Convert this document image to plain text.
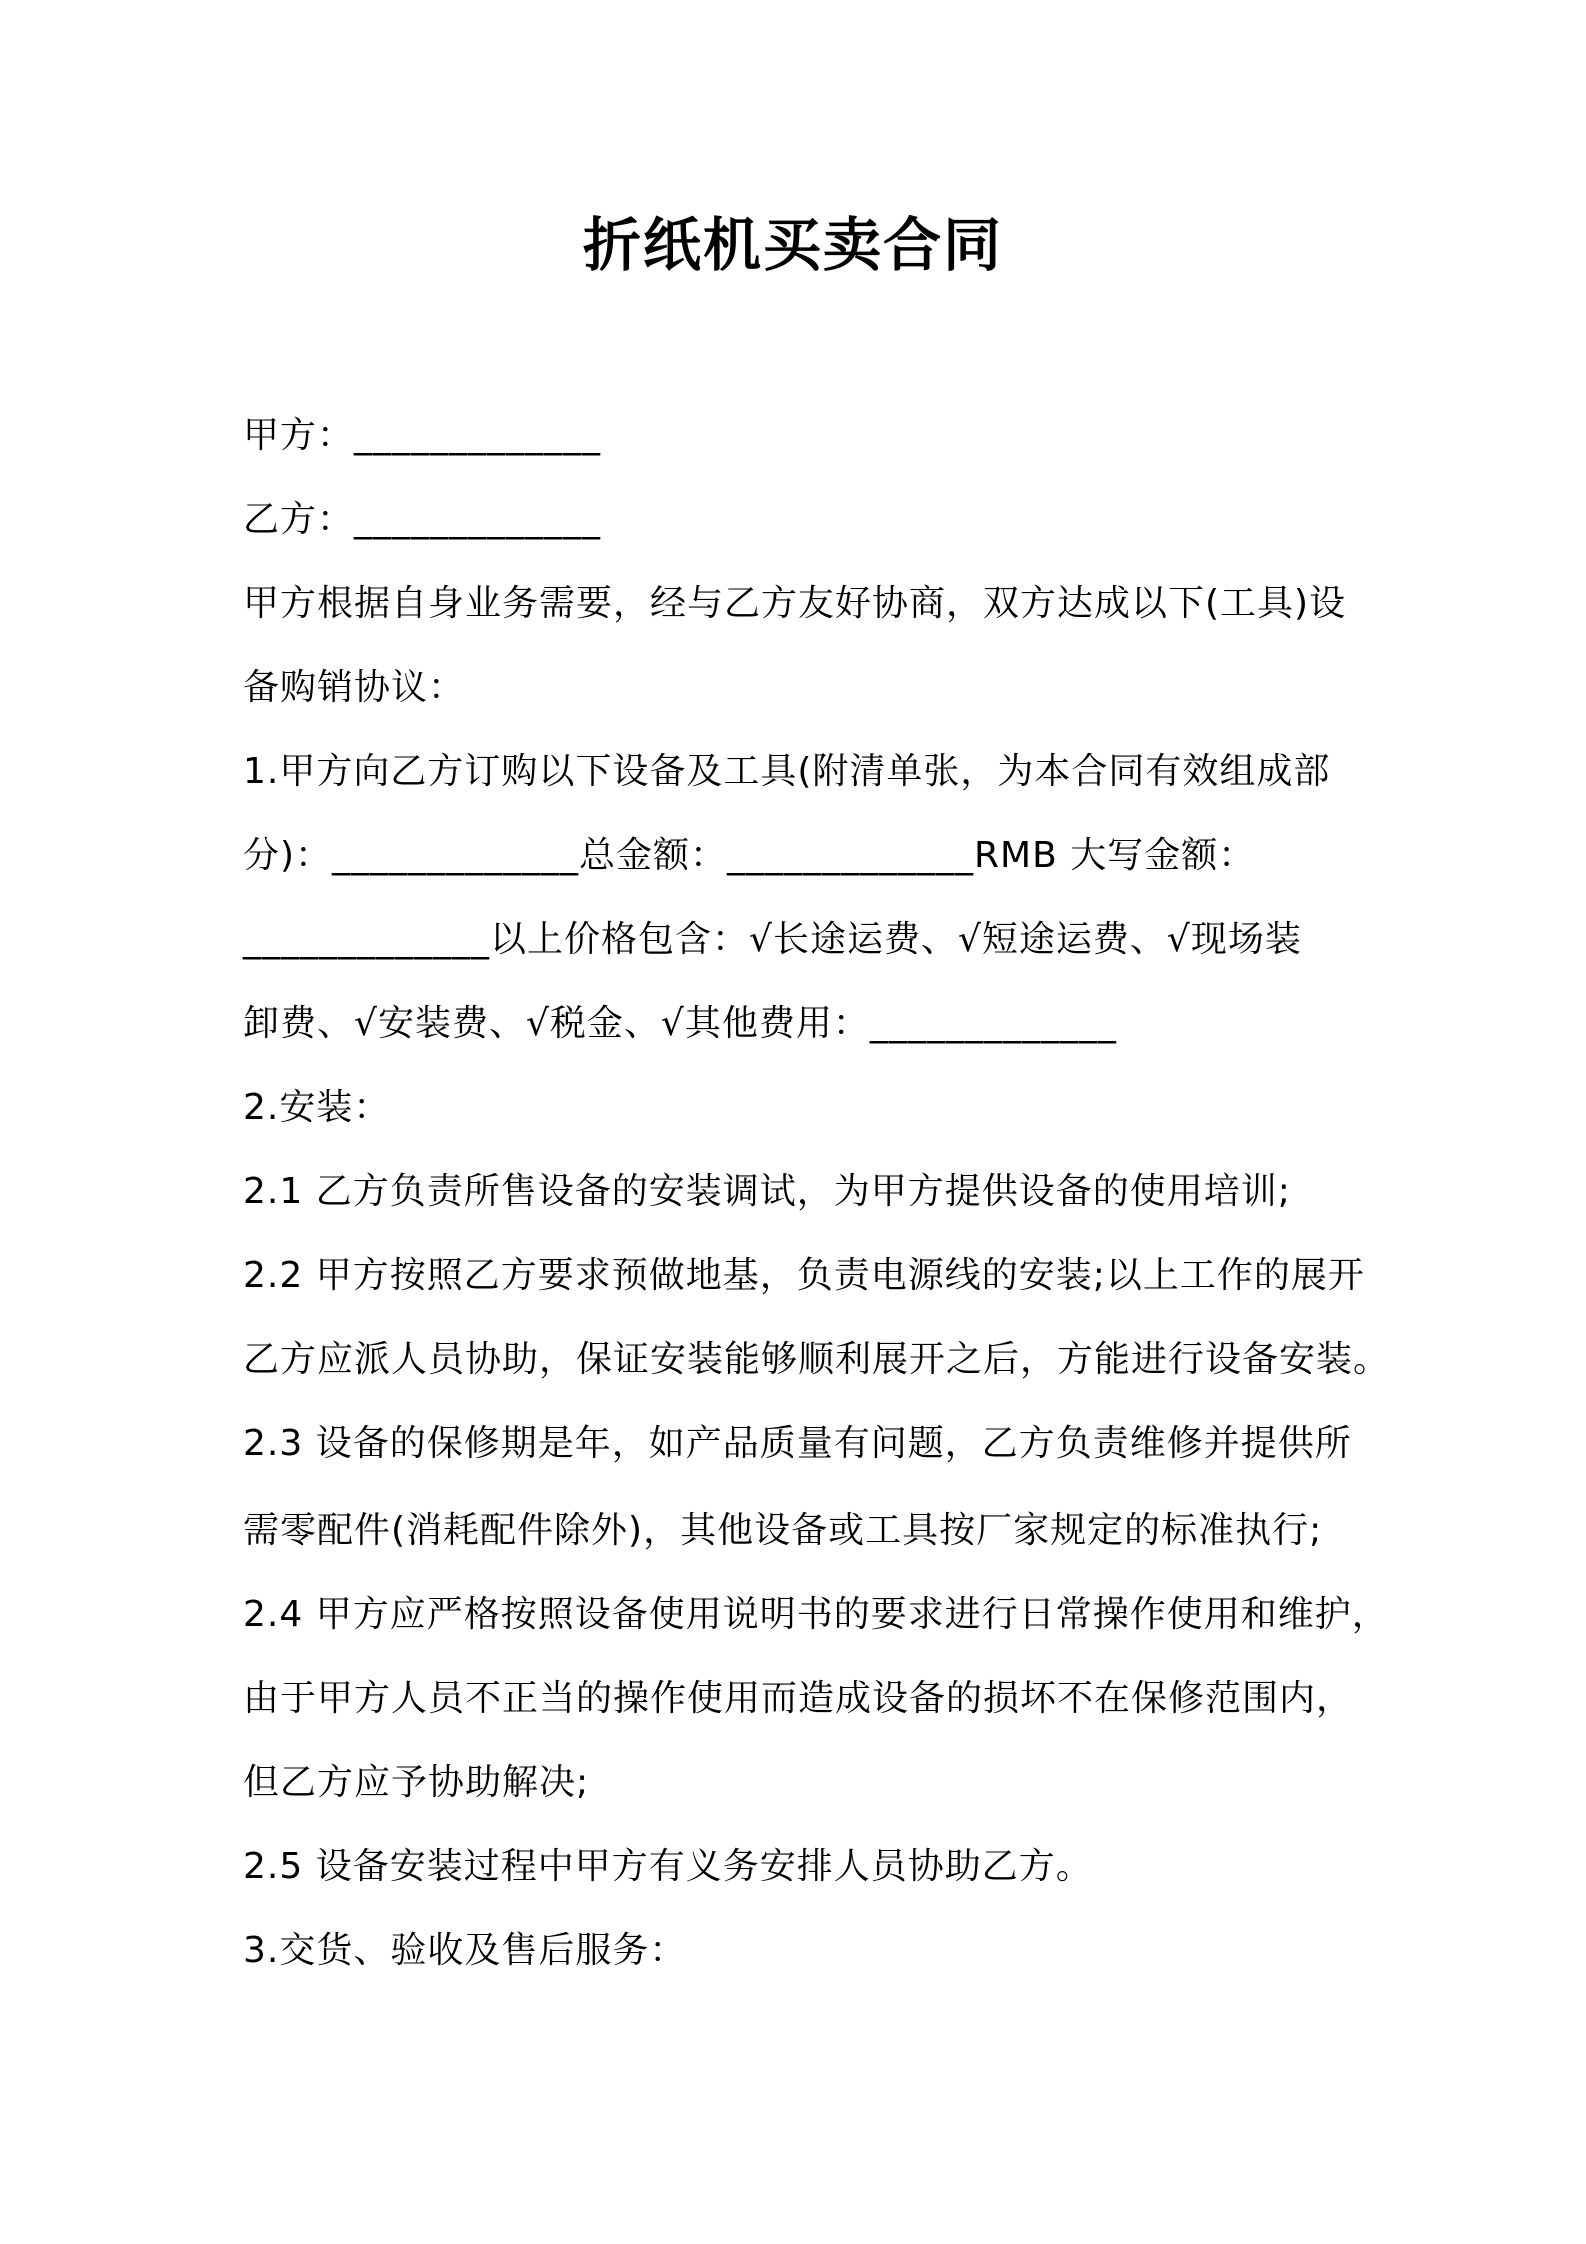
折纸机买卖合同
甲方：_____________
乙方：_____________
甲方根据自身业务需要，经与乙方友好协商，双方达成以下(工具)设
备购销协议：
1.甲方向乙方订购以下设备及工具(附清单张，为本合同有效组成部
分)：_____________总金额：_____________RMB 大写金额：
_____________以上价格包含：√长途运费、√短途运费、√现场装
卸费、√安装费、√税金、√其他费用：_____________
2.安装：
2.1 乙方负责所售设备的安装调试，为甲方提供设备的使用培训;
2.2 甲方按照乙方要求预做地基，负责电源线的安装;以上工作的展开
乙方应派人员协助，保证安装能够顺利展开之后，方能进行设备安装。
2.3 设备的保修期是年，如产品质量有问题，乙方负责维修并提供所
需零配件(消耗配件除外)，其他设备或工具按厂家规定的标准执行;
2.4 甲方应严格按照设备使用说明书的要求进行日常操作使用和维护，
由于甲方人员不正当的操作使用而造成设备的损坏不在保修范围内，
但乙方应予协助解决;
2.5 设备安装过程中甲方有义务安排人员协助乙方。
3.交货、验收及售后服务：
